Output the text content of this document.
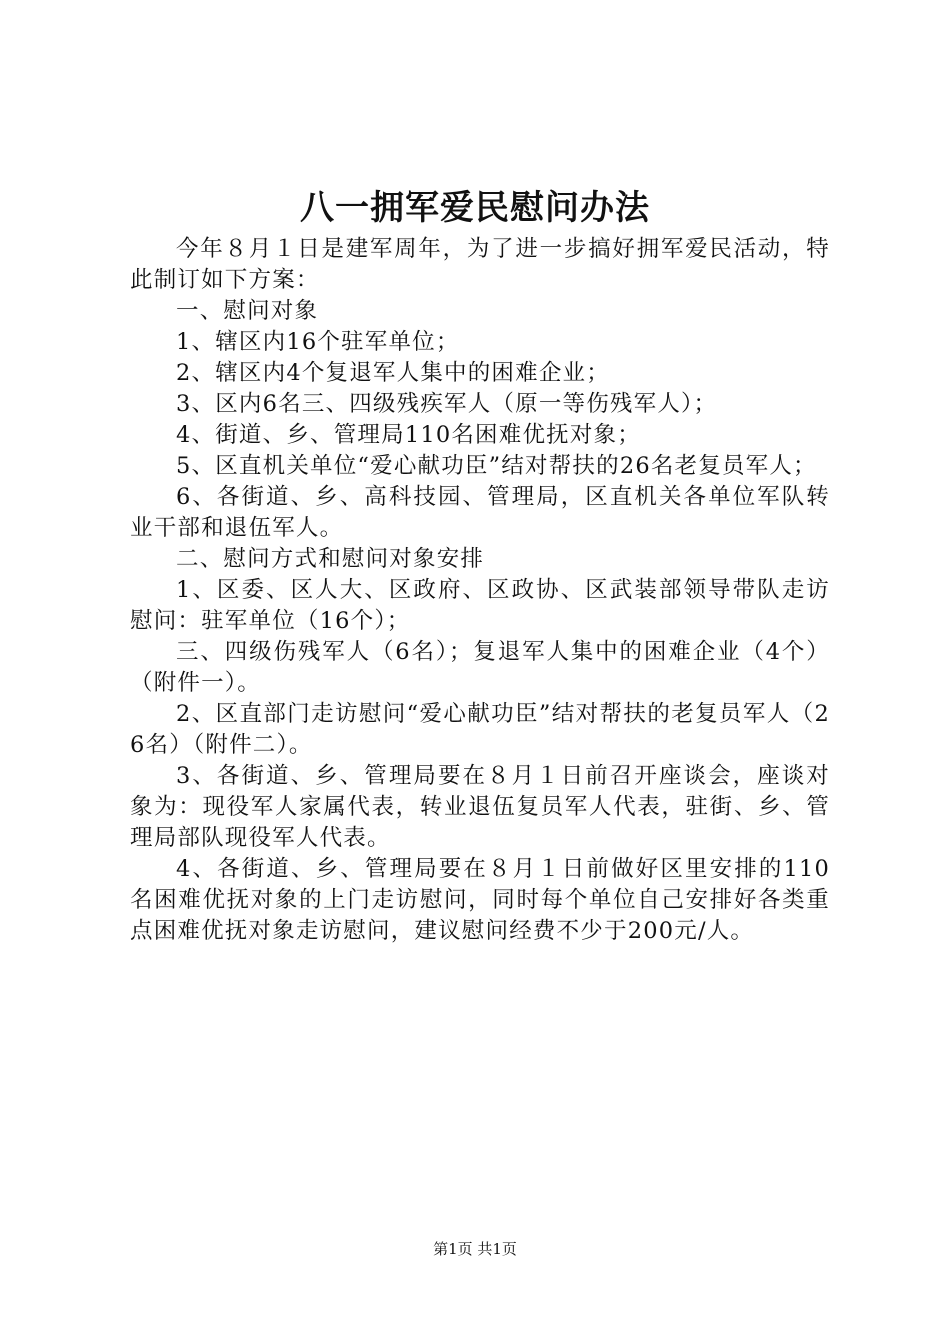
八一拥军爱民慰问办法

今年８月１日是建军周年，为了进一步搞好拥军爱民活动，特此制订如下方案：

一、慰问对象

1、辖区内16个驻军单位；

2、辖区内4个复退军人集中的困难企业；

3、区内6名三、四级残疾军人（原一等伤残军人）；

4、街道、乡、管理局110名困难优抚对象；

5、区直机关单位“爱心献功臣”结对帮扶的26名老复员军人；

6、各街道、乡、高科技园、管理局，区直机关各单位军队转业干部和退伍军人。

二、慰问方式和慰问对象安排

1、区委、区人大、区政府、区政协、区武装部领导带队走访慰问：驻军单位（16个）；

三、四级伤残军人（6名）；复退军人集中的困难企业（4个）（附件一）。

2、区直部门走访慰问“爱心献功臣”结对帮扶的老复员军人（26名）（附件二）。

3、各街道、乡、管理局要在８月１日前召开座谈会，座谈对象为：现役军人家属代表，转业退伍复员军人代表，驻街、乡、管理局部队现役军人代表。

4、各街道、乡、管理局要在８月１日前做好区里安排的110名困难优抚对象的上门走访慰问，同时每个单位自己安排好各类重点困难优抚对象走访慰问，建议慰问经费不少于200元/人。

第1页 共1页
